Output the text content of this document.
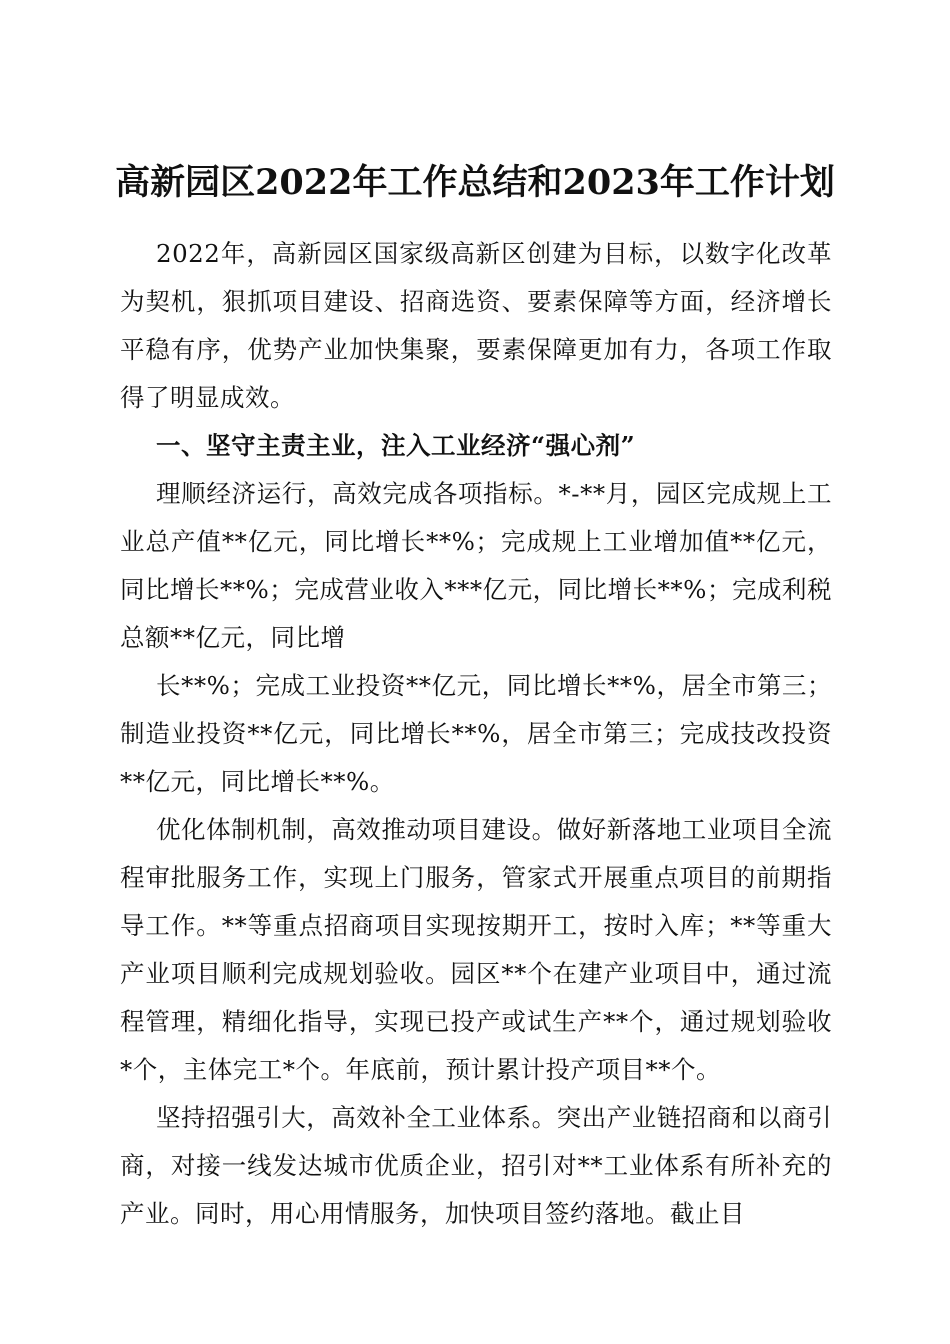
高新园区2022年工作总结和2023年工作计划

2022年，高新园区国家级高新区创建为目标，以数字化改革为契机，狠抓项目建设、招商选资、要素保障等方面，经济增长平稳有序，优势产业加快集聚，要素保障更加有力，各项工作取得了明显成效。

一、坚守主责主业，注入工业经济“强心剂”

理顺经济运行，高效完成各项指标。*-**月，园区完成规上工业总产值**亿元，同比增长**%；完成规上工业增加值**亿元，同比增长**%；完成营业收入***亿元，同比增长**%；完成利税总额**亿元，同比增

长**%；完成工业投资**亿元，同比增长**%，居全市第三；制造业投资**亿元，同比增长**%，居全市第三；完成技改投资**亿元，同比增长**%。

优化体制机制，高效推动项目建设。做好新落地工业项目全流程审批服务工作，实现上门服务，管家式开展重点项目的前期指导工作。**等重点招商项目实现按期开工，按时入库；**等重大产业项目顺利完成规划验收。园区**个在建产业项目中，通过流程管理，精细化指导，实现已投产或试生产**个，通过规划验收*个，主体完工*个。年底前，预计累计投产项目**个。

坚持招强引大，高效补全工业体系。突出产业链招商和以商引商，对接一线发达城市优质企业，招引对**工业体系有所补充的产业。同时，用心用情服务，加快项目签约落地。截止目
